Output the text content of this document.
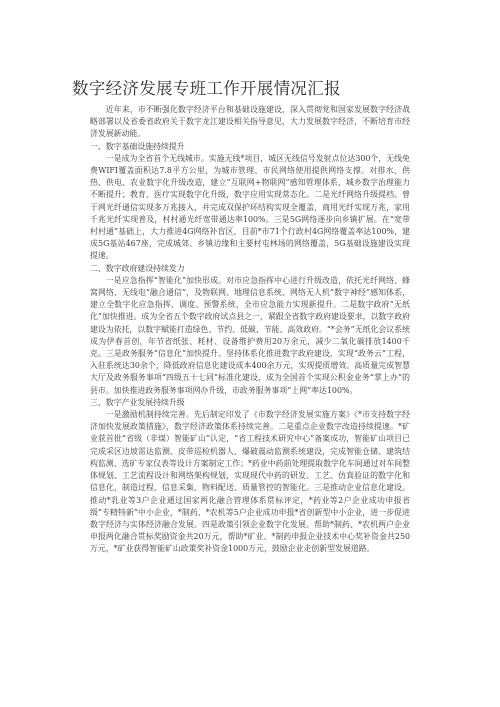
数字经济发展专班工作开展情况汇报

近年来，市不断强化数字经济平台和基础设施建设，深入贯彻党和国家发展数字经济战略部署以及省委省政府关于数字龙江建设相关指导意见，大力发展数字经济，不断培育市经济发展新动能。

一、数字基础设施持续提升

一是成为全省首个无线城市。实施无线*项目，城区无线信号发射点位达300个，无线免费WIFI覆盖面积达7.8平方公里，为城市管理、市民网络使用提供网络支撑。对排水、供热、供电、农业数字化升级改造，建立“互联网+物联网”感知管理体系，城乡数字治理能力不断提升；教育、医疗实现数字化升级，数字应用实现常态化。二是光纤网络升级提档。曾于网光纤通信实现多万兆接入，并完成双保护环结构实现全覆盖，商用光纤实现万兆，家用千兆光纤实现普及，村村通光纤宽带通达率100%。三是5G网络逐步向乡镇扩展。在“宽带村村通”基础上，大力推进4G网络补盲区，目前*市71个行政村4G网络覆盖率达100%，建成5G基站467座，完成城郊、乡镇边缘和主要村屯林场的网络覆盖，5G基础设施建设实现提速。

二、数字政府建设持续发力

一是应急指挥“智能化”加快形成。对市应急指挥中心进行升级改造，依托光纤网络、蜂窝网络、无线电“融合通信”，及物联网、地理信息系统、网络无人机“数字神经”感知体系，建立全数字化应急指挥、调度、预警系统，全市应急能力实现新提升。二是数字政府“无纸化”加快推进。成为全省五个数字政府试点县之一，紧跟全省数字政府建设要求，以数字政府建设为依托，以数字赋能打造绿色、节约、低碳、节能、高效政府。“*会务”无纸化会议系统成为伊春首创，年节省纸张、耗材、设备维护费用20万余元，减少二氧化碳排放1400千克。三是政务服务“信息化”加快提升。坚持体系化推进数字政府建设，实现“政务云”工程，入驻系统达30余个，降低政府信息化建设成本400余万元，实现提质增效。高质量完成智慧大厅及政务服务事项“四级五十七同”标准化建设，成为全国首个实现公积金业务“掌上办”的县市。加快推进政务服务事项网办升级，市政务服务事项“上网”率达100%。

三、数字产业发展持续升级

一是激励机制持续完善。先后制定印发了《市数字经济发展实施方案》《*市支持数字经济加快发展政策措施》，数字经济政策体系持续完善。二是重点企业数字改造持续提速。*矿业获首批“省级（非煤）智能矿山”认定，“省工程技术研究中心”备案成功，智能矿山项目已完成采区边坡雷达监测、皮带巡检机器人、爆破震动监测系统建设，完成智能仓储、建筑结构监测、选矿专家仪表等设计方案制定工作；*药业中药前处理提取数字化车间通过对车间整体规划、工艺流程设计和网络架构规划，实现现代中药的研发、工艺、仿真验证的数字化和信息化，制造过程、信息采集、物料配送、质量管控的智能化。三是推动企业信息化建设。推动*乳业等3户企业通过国家两化融合管理体系贯标评定，*药业等2户企业成功申报省级“专精特新”中小企业，*制药、*农机等5户企业成功申报*省创新型中小企业，进一步促进数字经济与实体经济融合发展。四是政策引领企业数字化发展。帮助*制药、*农机两户企业申报两化融合贯标奖励资金共20万元，帮助*矿业、*制药申报企业技术中心奖补资金共250万元，*矿业获得智能矿山政策奖补资金1000万元，鼓励企业走创新型发展道路。
